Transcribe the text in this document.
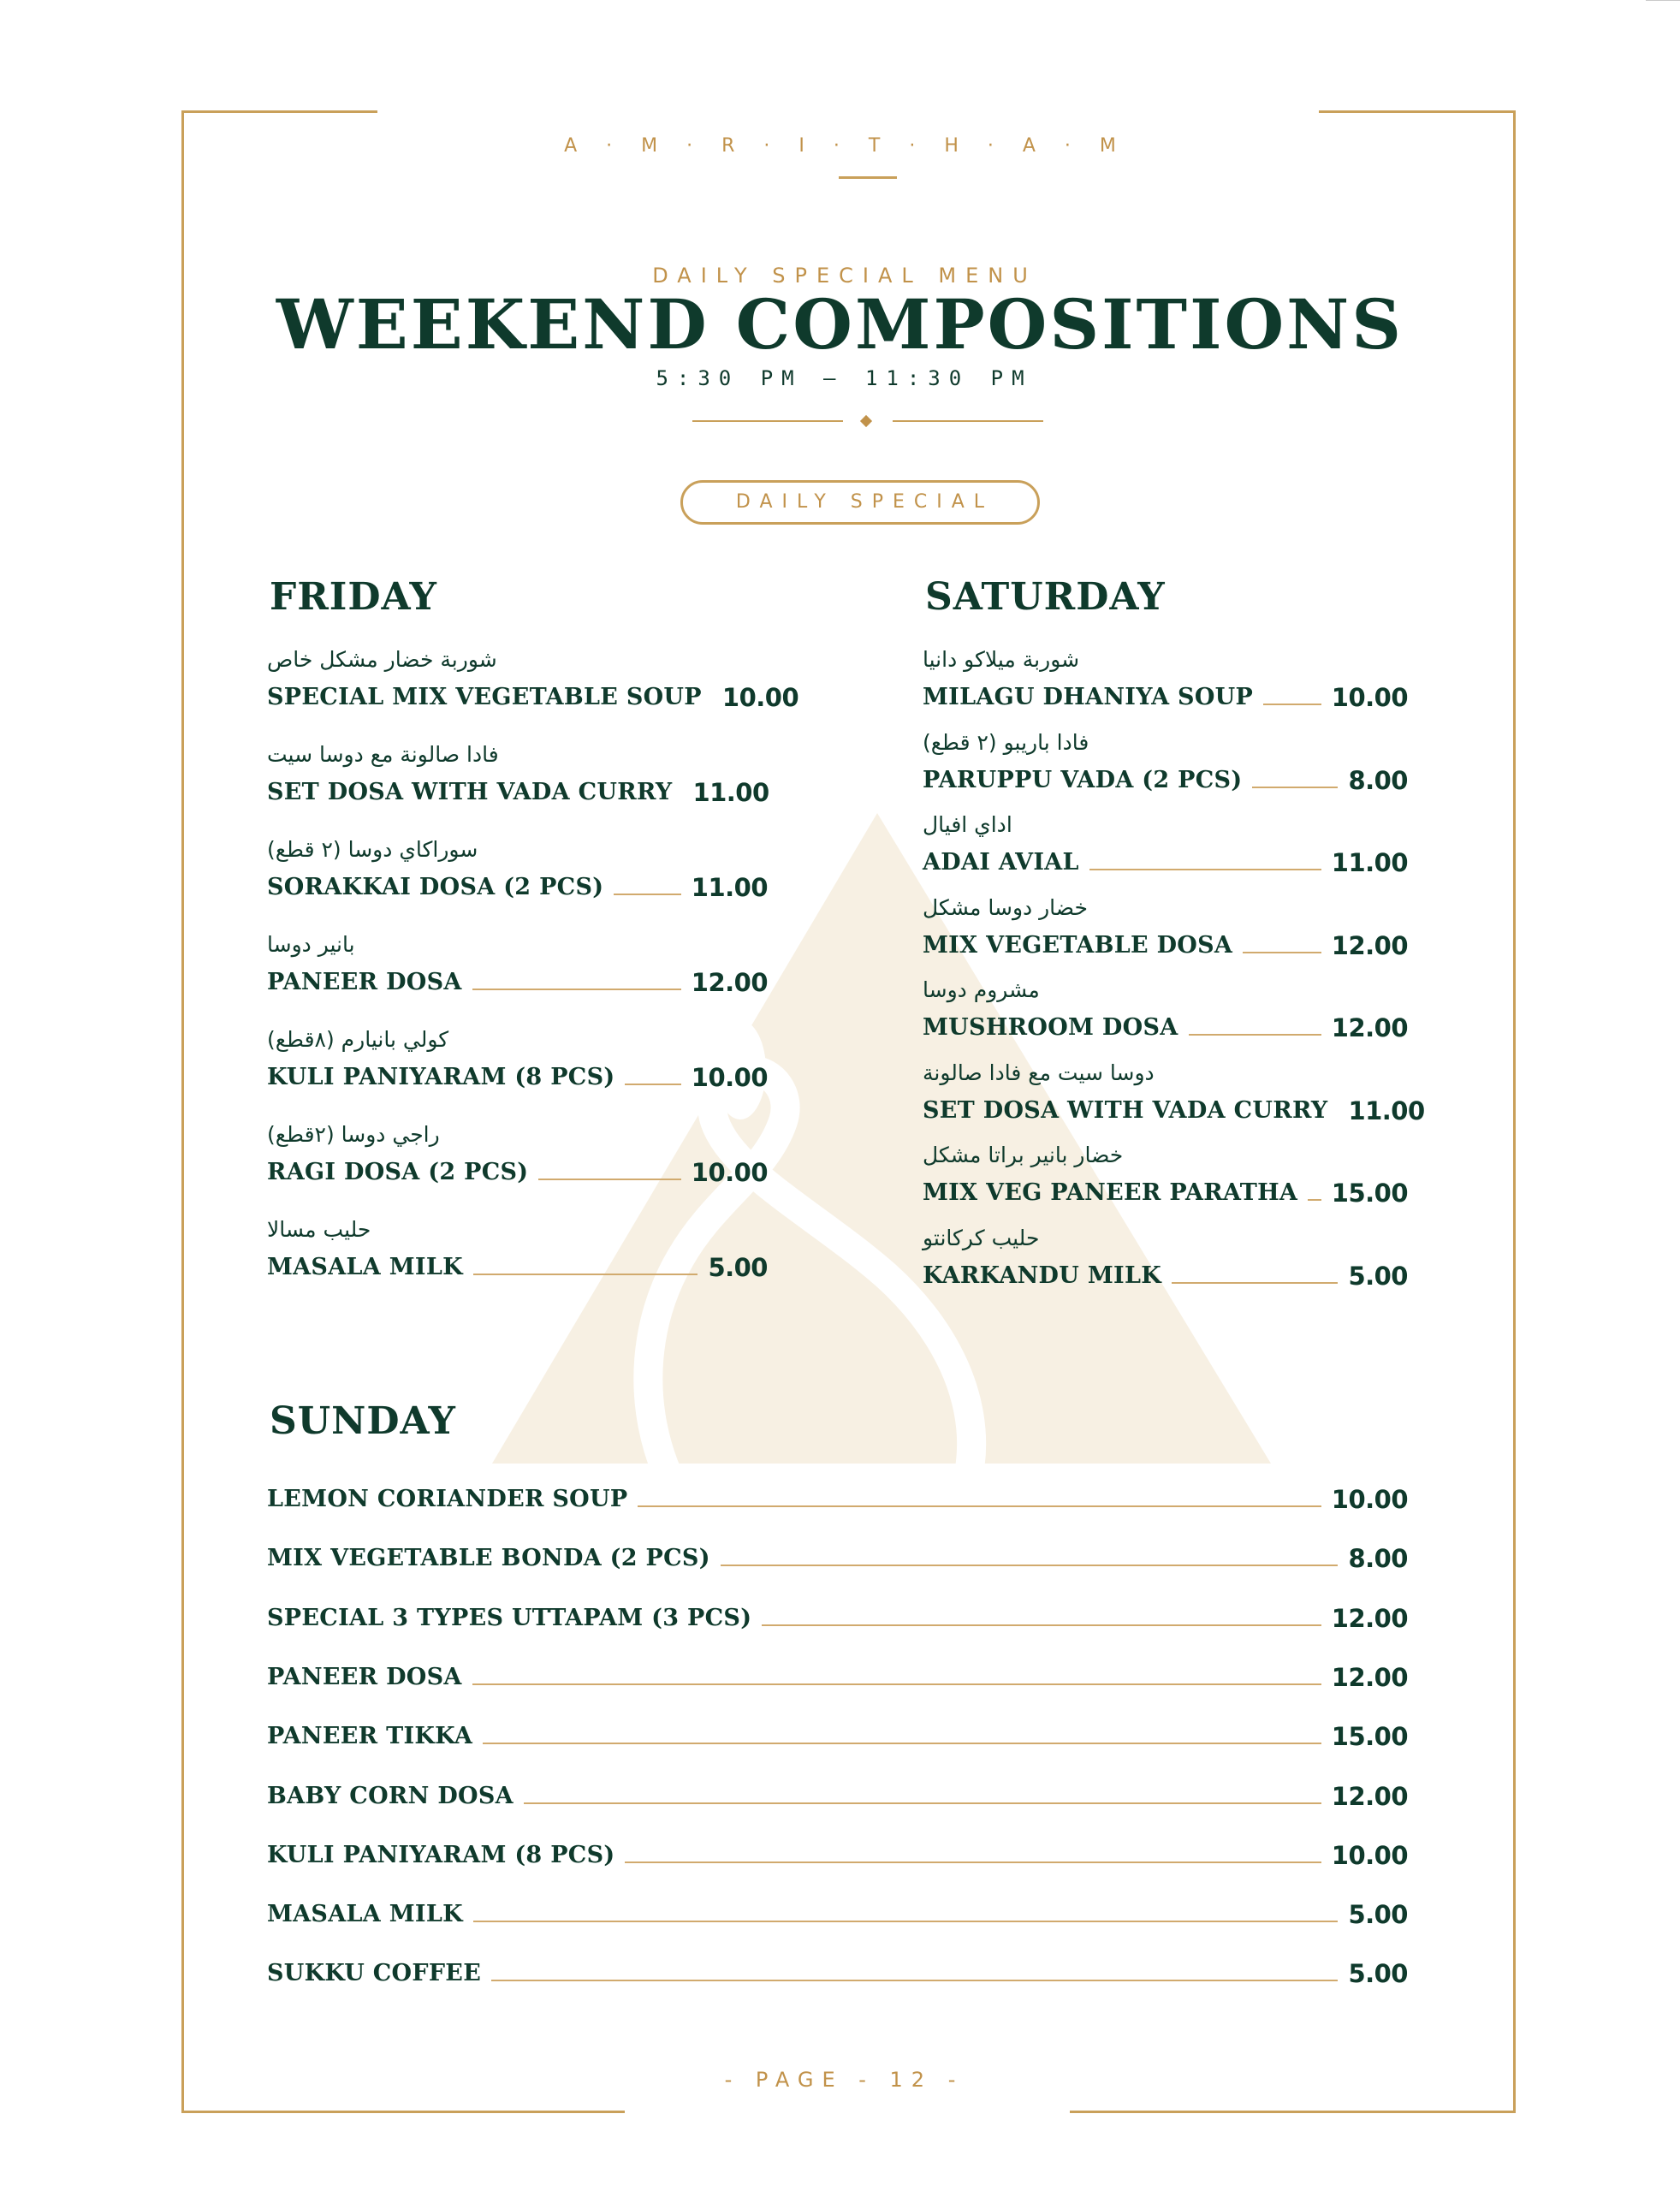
A·M·R·I·T·H·A·M
DAILY SPECIAL MENU
WEEKEND COMPOSITIONS
5:30 PM – 11:30 PM
DAILY SPECIAL
FRIDAY
شوربة خضار مشكل خاص
SPECIAL MIX VEGETABLE SOUP 10.00
فادا صالونة مع دوسا سيت
SET DOSA WITH VADA CURRY 11.00
سوراكاي دوسا (٢ قطع)
SORAKKAI DOSA (2 PCS)	11.00
بانير دوسا
PANEER DOSA	12.00
كولي بانيارم (٨قطع)
KULI PANIYARAM (8 PCS)	10.00
راجي دوسا (٢قطع)
RAGI DOSA (2 PCS)	10.00
حليب مسالا
MASALA MILK	5.00
SATURDAY
شوربة ميلاكو دانيا
MILAGU DHANIYA SOUP	10.00
فادا باريبو (٢ قطع)
PARUPPU VADA (2 PCS)	8.00
اداي افيال
ADAI AVIAL	11.00
خضار دوسا مشكل
MIX VEGETABLE DOSA	12.00
مشروم دوسا
MUSHROOM DOSA	12.00
دوسا سيت مع فادا صالونة
SET DOSA WITH VADA CURRY 11.00
خضار بانير براتا مشكل
MIX VEG PANEER PARATHA 15.00
حليب كركانتو
KARKANDU MILK	5.00
SUNDAY
LEMON CORIANDER SOUP	10.00
MIX VEGETABLE BONDA (2 PCS)	8.00
SPECIAL 3 TYPES UTTAPAM (3 PCS)	12.00
PANEER DOSA	12.00
PANEER TIKKA	15.00
BABY CORN DOSA	12.00
KULI PANIYARAM (8 PCS)	10.00
MASALA MILK	5.00
SUKKU COFFEE	5.00
- PAGE - 12 -
